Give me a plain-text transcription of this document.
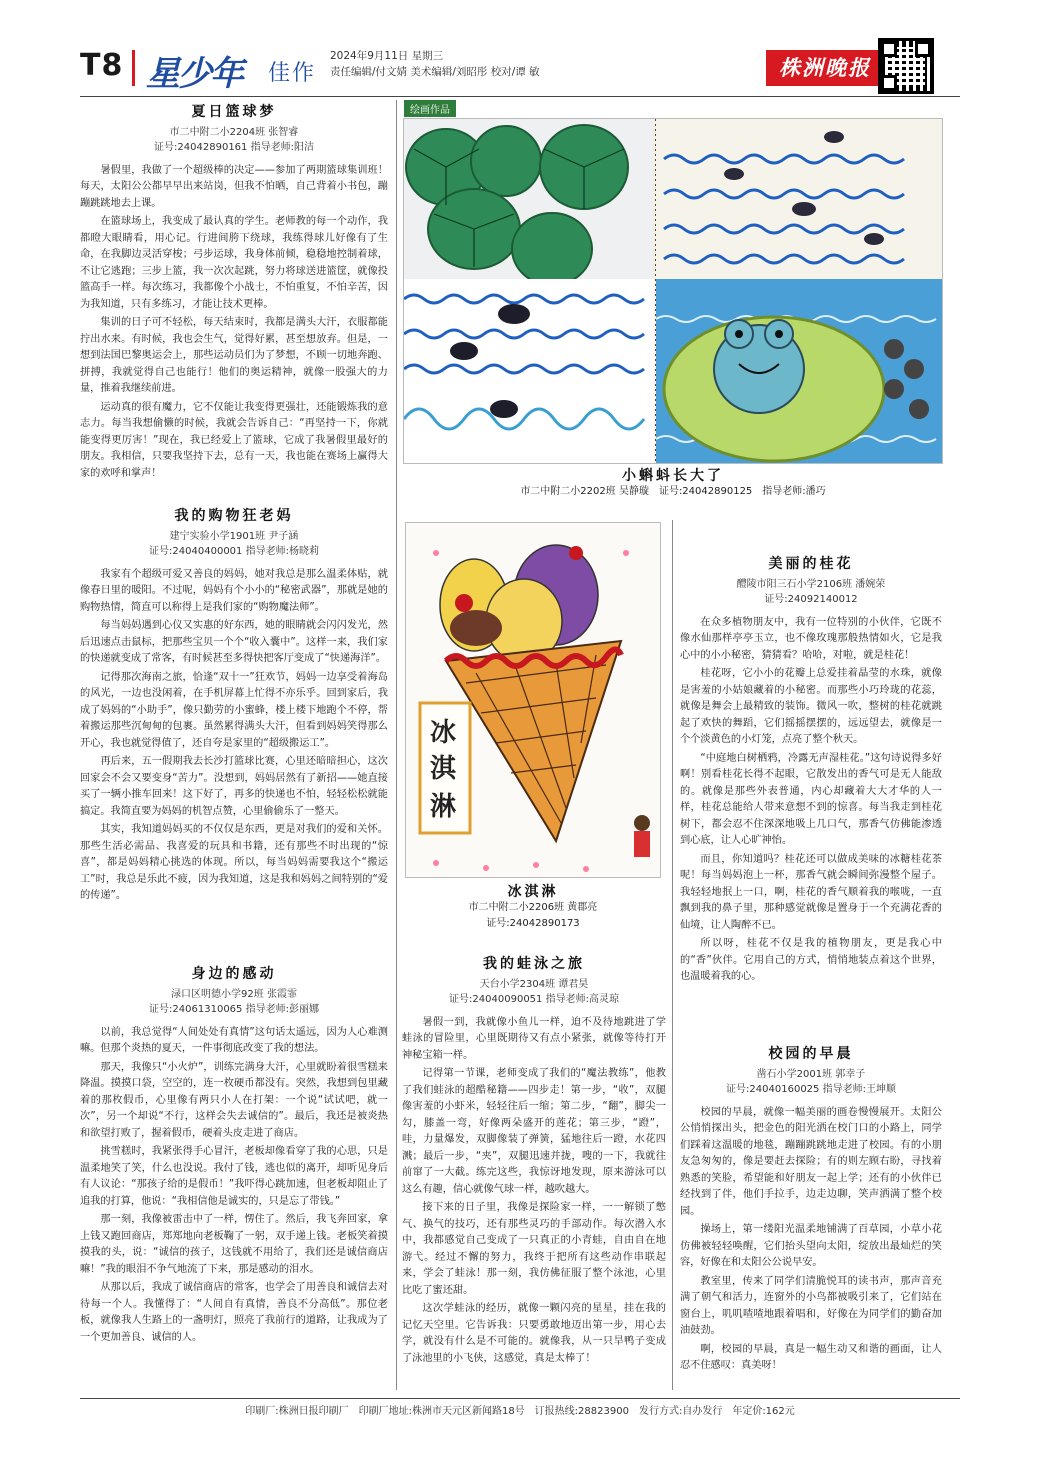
T8 星少年 佳作
2024年9月11日 星期三
责任编辑/付文婧 美术编辑/刘昭彤 校对/谭 敏	株洲晚报
夏日篮球梦
市二中附二小2204班 张智睿
证号:24042890161 指导老师:阳洁

暑假里，我做了一个超级棒的决定——参加了两期篮球集训班！每天，太阳公公都早早出来站岗，但我不怕晒，自己背着小书包，蹦蹦跳跳地去上课。

在篮球场上，我变成了最认真的学生。老师教的每一个动作，我都瞪大眼睛看，用心记。行进间胯下绕球，我练得球儿好像有了生命，在我脚边灵活穿梭；弓步运球，我身体前倾，稳稳地控制着球，不让它逃跑；三步上篮，我一次次起跳，努力将球送进篮筐，就像投篮高手一样。每次练习，我都像个小战士，不怕重复，不怕辛苦，因为我知道，只有多练习，才能让技术更棒。

集训的日子可不轻松，每天结束时，我都是满头大汗，衣服都能拧出水来。有时候，我也会生气，觉得好累，甚至想放弃。但是，一想到法国巴黎奥运会上，那些运动员们为了梦想，不顾一切地奔跑、拼搏，我就觉得自己也能行！他们的奥运精神，就像一股强大的力量，推着我继续前进。

运动真的很有魔力，它不仅能让我变得更强壮，还能锻炼我的意志力。每当我想偷懒的时候，我就会告诉自己：“再坚持一下，你就能变得更厉害！”现在，我已经爱上了篮球，它成了我暑假里最好的朋友。我相信，只要我坚持下去，总有一天，我也能在赛场上赢得大家的欢呼和掌声！

我的购物狂老妈
建宁实验小学1901班 尹子涵
证号:24040400001 指导老师:杨晓莉

我家有个超级可爱又善良的妈妈，她对我总是那么温柔体贴，就像春日里的暖阳。不过呢，妈妈有个小小的“秘密武器”，那就是她的购物热情，简直可以称得上是我们家的“购物魔法师”。

每当妈妈遇到心仪又实惠的好东西，她的眼睛就会闪闪发光，然后迅速点击鼠标，把那些宝贝一个个“收入囊中”。这样一来，我们家的快递就变成了常客，有时候甚至多得快把客厅变成了“快递海洋”。

记得那次海南之旅，恰逢“双十一”狂欢节，妈妈一边享受着海岛的风光，一边也没闲着，在手机屏幕上忙得不亦乐乎。回到家后，我成了妈妈的“小助手”，像只勤劳的小蜜蜂，楼上楼下地跑个不停，帮着搬运那些沉甸甸的包裹。虽然累得满头大汗，但看到妈妈笑得那么开心，我也就觉得值了，还自夸是家里的“超级搬运工”。

再后来，五一假期我去长沙打篮球比赛，心里还暗暗担心，这次回家会不会又要变身“苦力”。没想到，妈妈居然有了新招——她直接买了一辆小推车回来！这下好了，再多的快递也不怕，轻轻松松就能搞定。我简直要为妈妈的机智点赞，心里偷偷乐了一整天。

其实，我知道妈妈买的不仅仅是东西，更是对我们的爱和关怀。那些生活必需品、我喜爱的玩具和书籍，还有那些不时出现的“惊喜”，都是妈妈精心挑选的体现。所以，每当妈妈需要我这个“搬运工”时，我总是乐此不疲，因为我知道，这是我和妈妈之间特别的“爱的传递”。

身边的感动
渌口区明德小学92班 张霞霏
证号:24061310065 指导老师:彭丽娜

以前，我总觉得“人间处处有真情”这句话太遥远，因为人心难测嘛。但那个炎热的夏天，一件事彻底改变了我的想法。

那天，我像只“小火炉”，训练完满身大汗，心里就盼着很雪糕来降温。摸摸口袋，空空的，连一枚硬币都没有。突然，我想到包里藏着的那枚假币，心里像有两只小人在打架：一个说“试试吧，就一次”，另一个却说“不行，这样会失去诚信的”。最后，我还是被炎热和欲望打败了，握着假币，硬着头皮走进了商店。

挑雪糕时，我紧张得手心冒汗，老板却像看穿了我的心思，只是温柔地笑了笑，什么也没说。我付了钱，逃也似的离开，却听见身后有人议论：“那孩子给的是假币！”我吓得心跳加速，但老板却阻止了追我的打算，他说：“我相信他是诚实的，只是忘了带钱。”

那一刻，我像被雷击中了一样，愣住了。然后，我飞奔回家，拿上钱又跑回商店，郑郑地向老板鞠了一躬，双手递上钱。老板笑着摸摸我的头，说：“诚信的孩子，这钱就不用给了，我们还是诚信商店嘛！”我的眼泪不争气地流了下来，那是感动的泪水。

从那以后，我成了诚信商店的常客，也学会了用善良和诚信去对待每一个人。我懂得了：“人间自有真情，善良不分高低”。那位老板，就像我人生路上的一盏明灯，照亮了我前行的道路，让我成为了一个更加善良、诚信的人。

绘画作品
小蝌蚪长大了
市二中附二小2202班 吴静璇　证号:24042890125　指导老师:潘巧
冰
淇
淋
冰淇淋
市二中附二小2206班 黄郡亮
证号:24042890173
我的蛙泳之旅
天台小学2304班 谭君昊
证号:24040090051 指导老师:高灵琼

暑假一到，我就像小鱼儿一样，迫不及待地跳进了学蛙泳的冒险里，心里既期待又有点小紧张，就像等待打开神秘宝箱一样。

记得第一节课，老师变成了我们的“魔法教练”，他教了我们蛙泳的超酷秘籍——四步走！第一步，“收”，双腿像害羞的小虾米，轻轻往后一缩；第二步，“翻”，脚尖一勾，膝盖一弯，好像两朵盛开的莲花；第三步，“蹬”，哇，力量爆发，双脚像装了弹簧，猛地往后一蹬，水花四溅；最后一步，“夹”，双腿迅速并拢，嗖的一下，我就往前窜了一大截。练完这些，我惊讶地发现，原来游泳可以这么有趣，信心就像气球一样，越吹越大。

接下来的日子里，我像是探险家一样，一一解锁了憋气、换气的技巧，还有那些灵巧的手部动作。每次潜入水中，我都感觉自己变成了一只真正的小青蛙，自由自在地游弋。经过不懈的努力，我终于把所有这些动作串联起来，学会了蛙泳！那一刻，我仿佛征服了整个泳池，心里比吃了蜜还甜。

这次学蛙泳的经历，就像一颗闪亮的星星，挂在我的记忆天空里。它告诉我：只要勇敢地迈出第一步，用心去学，就没有什么是不可能的。就像我，从一只旱鸭子变成了泳池里的小飞侠，这感觉，真是太棒了！

美丽的桂花
醴陵市阳三石小学2106班 潘婉荣
证号:24092140012

在众多植物朋友中，我有一位特别的小伙伴，它既不像水仙那样亭亭玉立，也不像玫瑰那般热情如火，它是我心中的小小秘密，猜猜看？哈哈，对啦，就是桂花！

桂花呀，它小小的花瓣上总爱挂着晶莹的水珠，就像是害羞的小姑娘藏着的小秘密。而那些小巧玲珑的花蕊，就像是舞会上最精致的装饰。微风一吹，整树的桂花就跳起了欢快的舞蹈，它们摇摇摆摆的，远远望去，就像是一个个淡黄色的小灯笼，点亮了整个秋天。

“中庭地白树栖鸦，冷露无声湿桂花。”这句诗说得多好啊！别看桂花长得不起眼，它散发出的香气可是无人能敌的。就像是那些外表普通，内心却藏着大大才华的人一样，桂花总能给人带来意想不到的惊喜。每当我走到桂花树下，都会忍不住深深地吸上几口气，那香气仿佛能渗透到心底，让人心旷神怡。

而且，你知道吗？桂花还可以做成美味的冰糖桂花茶呢！每当妈妈泡上一杯，那香气就会瞬间弥漫整个屋子。我轻轻地抿上一口，啊，桂花的香气顺着我的喉咙，一直飘到我的鼻子里，那种感觉就像是置身于一个充满花香的仙境，让人陶醉不已。

所以呀，桂花不仅是我的植物朋友，更是我心中的“香”伙伴。它用自己的方式，悄悄地装点着这个世界，也温暖着我的心。

校园的早晨
凿石小学2001班 郭幸子
证号:24040160025 指导老师:王坤顺

校园的早晨，就像一幅美丽的画卷慢慢展开。太阳公公悄悄探出头，把金色的阳光洒在校门口的小路上，同学们踩着这温暖的地毯，蹦蹦跳跳地走进了校园。有的小朋友急匆匆的，像是要赶去探险；有的则左顾右盼，寻找着熟悉的笑脸，希望能和好朋友一起上学；还有的小伙伴已经找到了伴，他们手拉手，边走边聊，笑声洒满了整个校园。

操场上，第一缕阳光温柔地铺满了百草园，小草小花仿佛被轻轻唤醒，它们抬头望向太阳，绽放出最灿烂的笑容，好像在和太阳公公说早安。

教室里，传来了同学们清脆悦耳的读书声，那声音充满了朝气和活力，连窗外的小鸟都被吸引来了，它们站在窗台上，叽叽喳喳地跟着唱和，好像在为同学们的勤奋加油鼓劲。

啊，校园的早晨，真是一幅生动又和谐的画面，让人忍不住感叹：真美呀！

印刷厂:株洲日报印刷厂　印刷厂地址:株洲市天元区新闻路18号　订报热线:28823900　发行方式:自办发行　年定价:162元
